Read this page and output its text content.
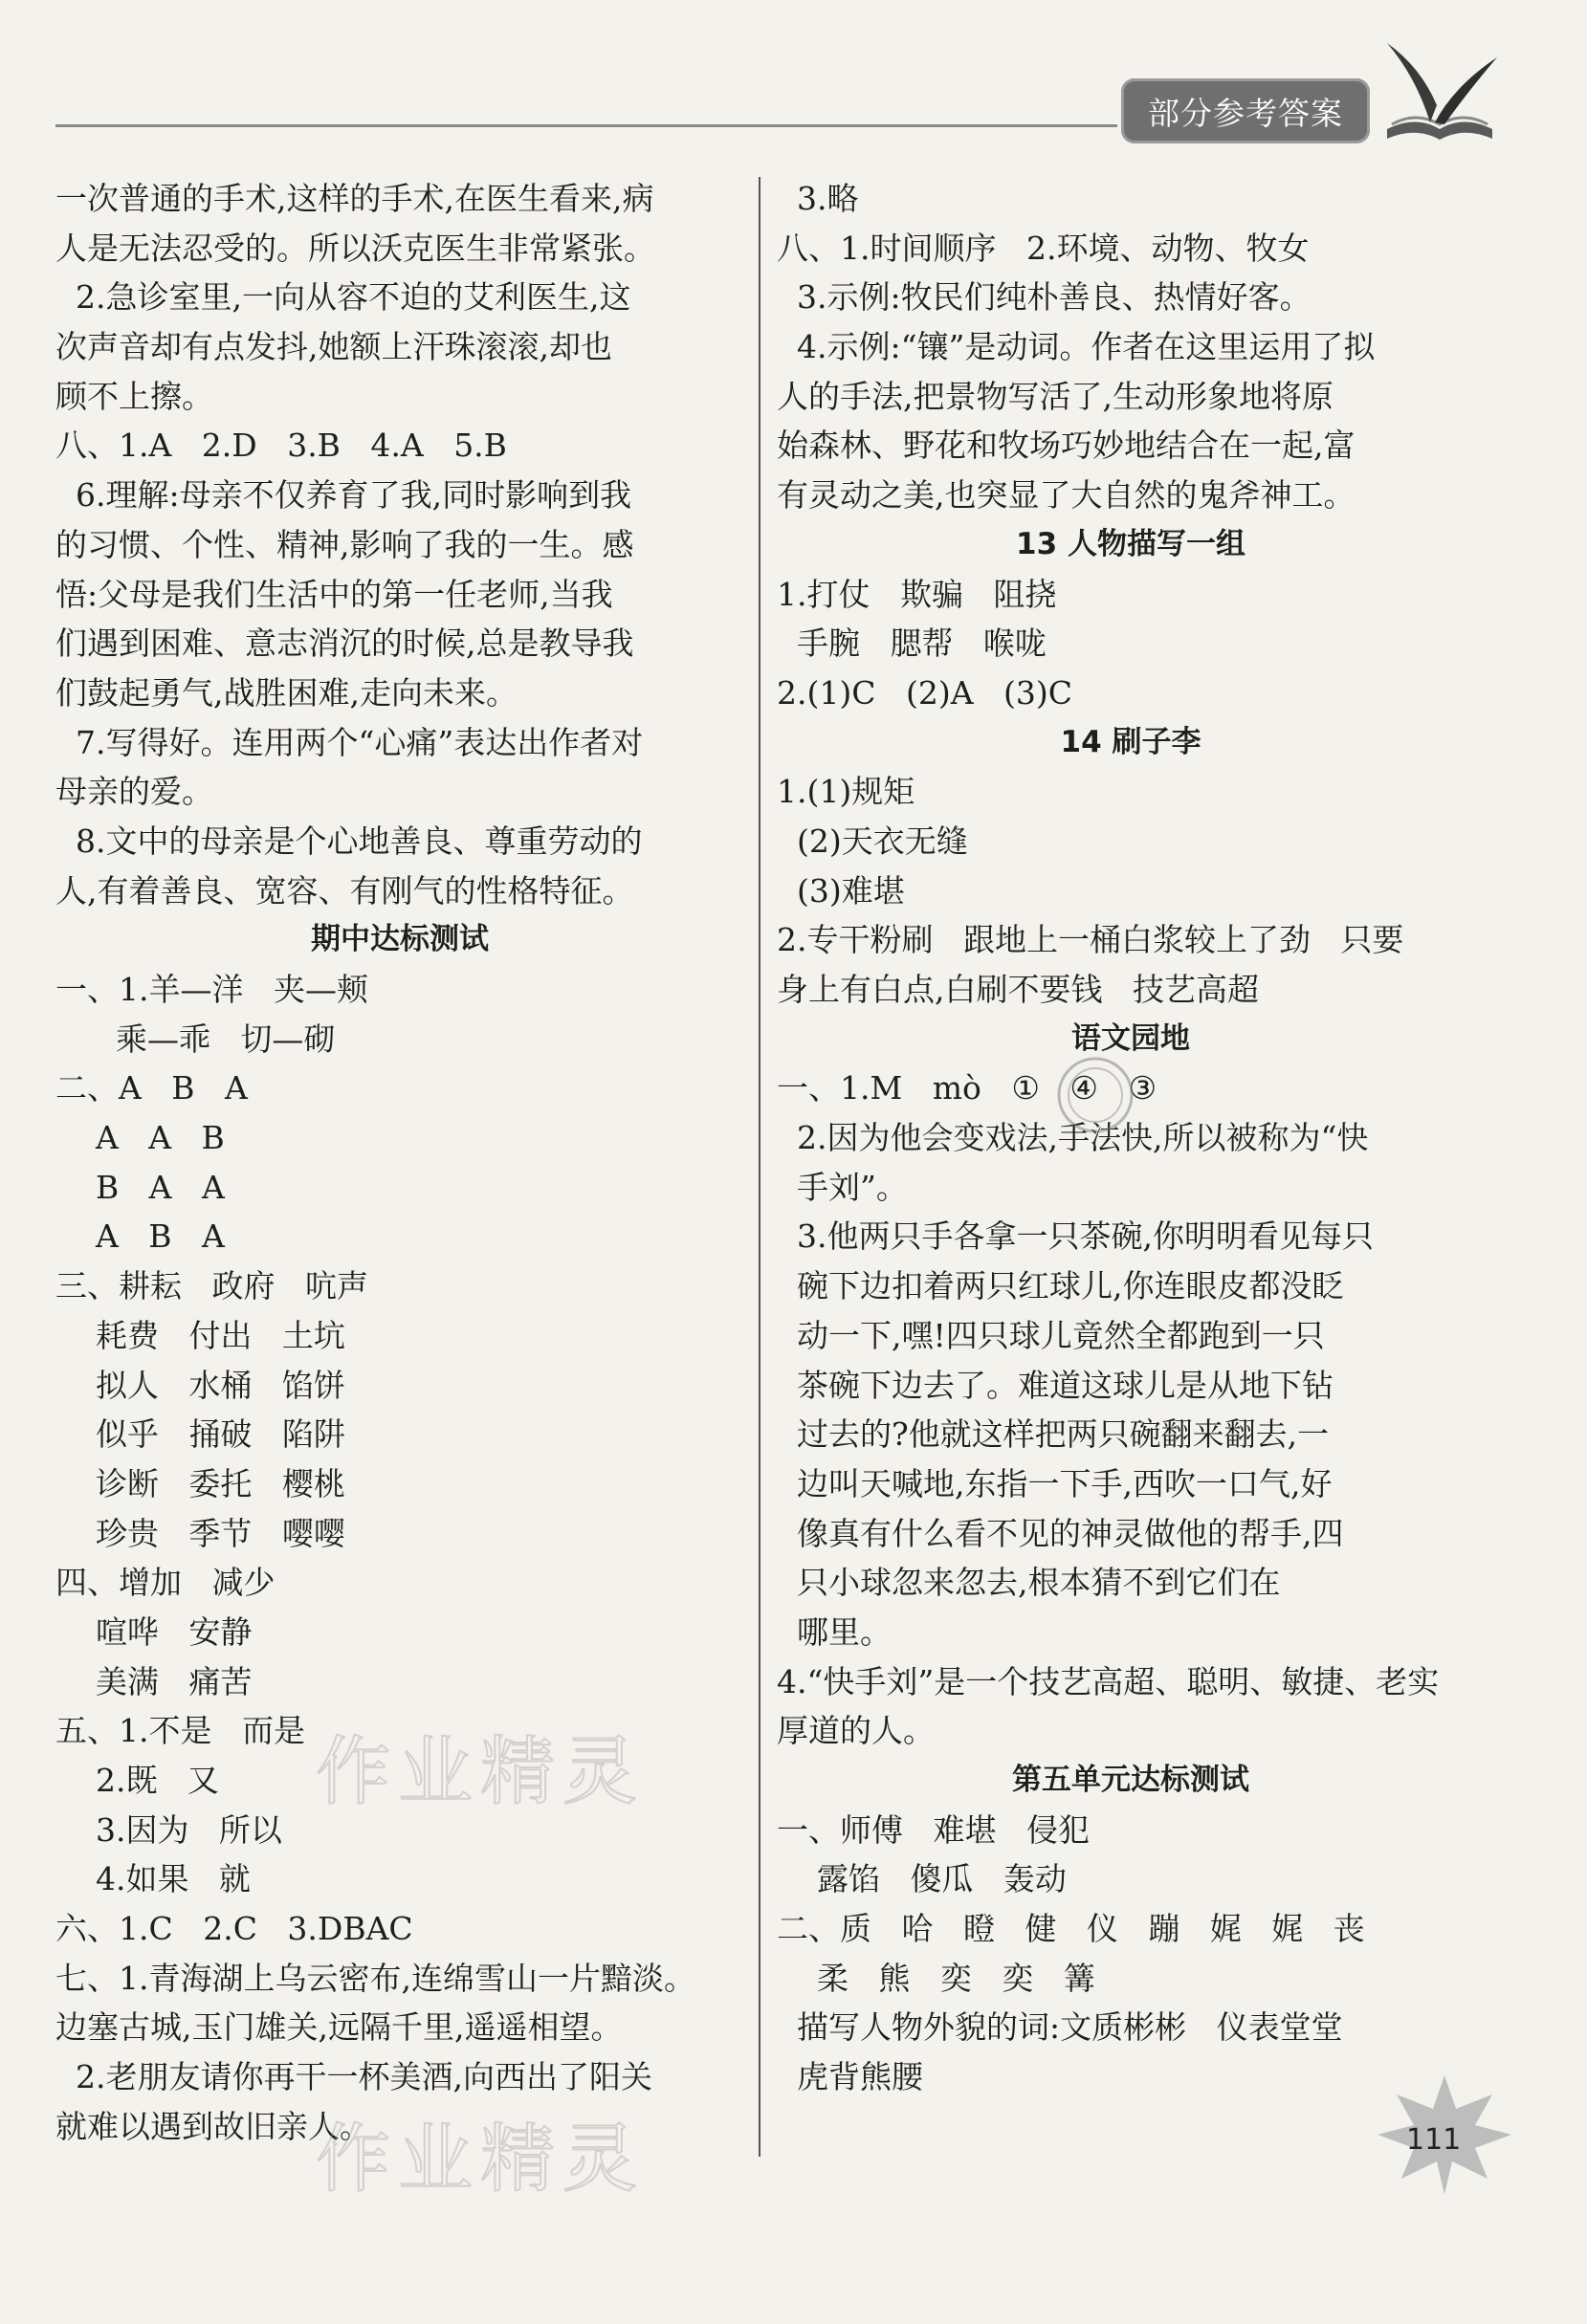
部分参考答案
一次普通的手术,这样的手术,在医生看来,病
人是无法忍受的。所以沃克医生非常紧张。
2.急诊室里,一向从容不迫的艾利医生,这
次声音却有点发抖,她额上汗珠滚滚,却也
顾不上擦。
八、1.A   2.D   3.B   4.A   5.B
6.理解:母亲不仅养育了我,同时影响到我
的习惯、个性、精神,影响了我的一生。感
悟:父母是我们生活中的第一任老师,当我
们遇到困难、意志消沉的时候,总是教导我
们鼓起勇气,战胜困难,走向未来。
7.写得好。连用两个“心痛”表达出作者对
母亲的爱。
8.文中的母亲是个心地善良、尊重劳动的
人,有着善良、宽容、有刚气的性格特征。
期中达标测试
一、1.羊—洋   夹—颊
乘—乖   切—砌
二、A   B   A
A   A   B
B   A   A
A   B   A
三、耕耘   政府   吭声
耗费   付出   土坑
拟人   水桶   馅饼
似乎   捅破   陷阱
诊断   委托   樱桃
珍贵   季节   嘤嘤
四、增加   减少
喧哗   安静
美满   痛苦
五、1.不是   而是
2.既   又
3.因为   所以
4.如果   就
六、1.C   2.C   3.DBAC
七、1.青海湖上乌云密布,连绵雪山一片黯淡。
边塞古城,玉门雄关,远隔千里,遥遥相望。
2.老朋友请你再干一杯美酒,向西出了阳关
就难以遇到故旧亲人。
3.略
八、1.时间顺序   2.环境、动物、牧女
3.示例:牧民们纯朴善良、热情好客。
4.示例:“镶”是动词。作者在这里运用了拟
人的手法,把景物写活了,生动形象地将原
始森林、野花和牧场巧妙地结合在一起,富
有灵动之美,也突显了大自然的鬼斧神工。
13 人物描写一组
1.打仗   欺骗   阻挠
手腕   腮帮   喉咙
2.(1)C   (2)A   (3)C
14 刷子李
1.(1)规矩
(2)天衣无缝
(3)难堪
2.专干粉刷   跟地上一桶白浆较上了劲   只要
身上有白点,白刷不要钱   技艺高超
语文园地
一、1.M   mò   ①   ④   ③
2.因为他会变戏法,手法快,所以被称为“快
手刘”。
3.他两只手各拿一只茶碗,你明明看见每只
碗下边扣着两只红球儿,你连眼皮都没眨
动一下,嘿!四只球儿竟然全都跑到一只
茶碗下边去了。难道这球儿是从地下钻
过去的?他就这样把两只碗翻来翻去,一
边叫天喊地,东指一下手,西吹一口气,好
像真有什么看不见的神灵做他的帮手,四
只小球忽来忽去,根本猜不到它们在
哪里。
4.“快手刘”是一个技艺高超、聪明、敏捷、老实
厚道的人。
第五单元达标测试
一、师傅   难堪   侵犯
露馅   傻瓜   轰动
二、质   哈   瞪   健   仪   蹦   娓   娓   丧
柔   熊   奕   奕   篝
描写人物外貌的词:文质彬彬   仪表堂堂
虎背熊腰
作业精灵
作业精灵	111
